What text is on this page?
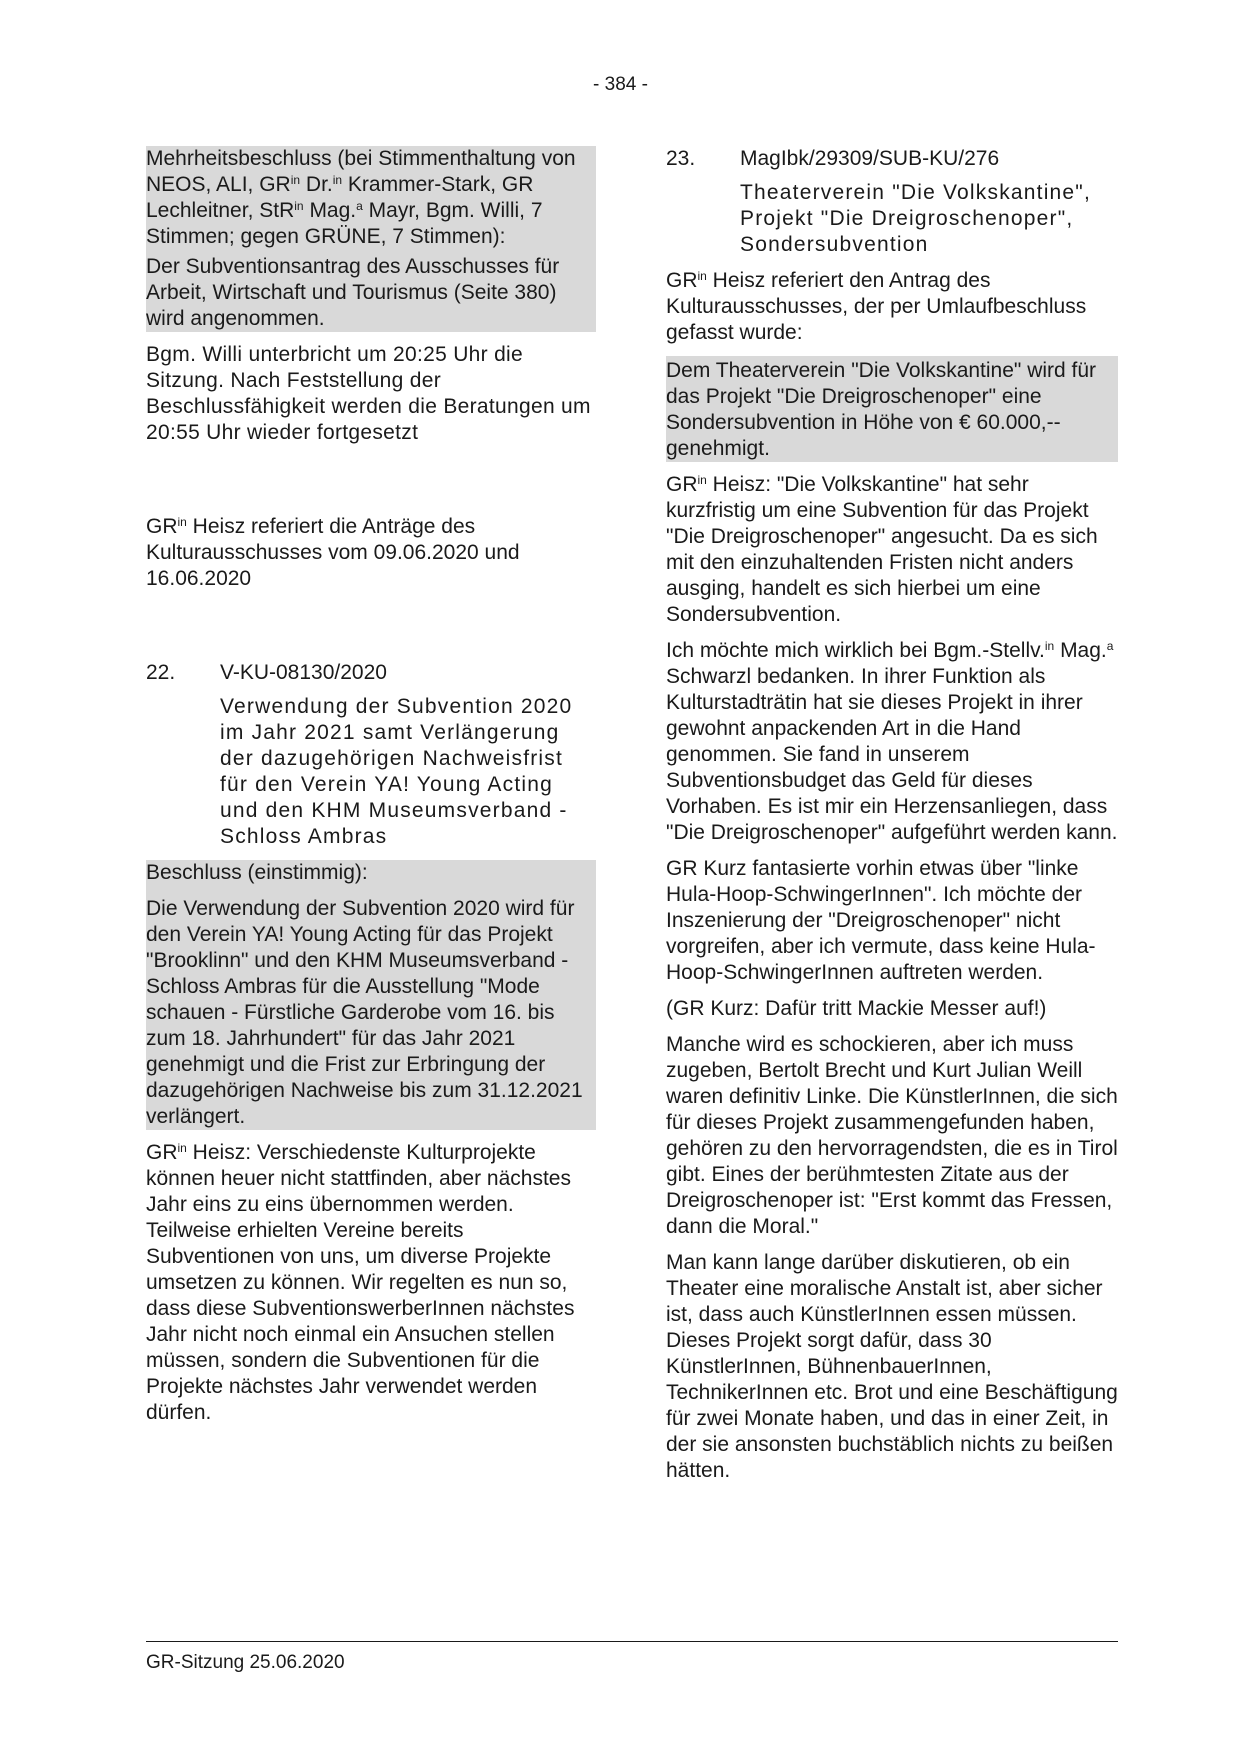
- 384 -

Mehrheitsbeschluss (bei Stimmenthaltung von NEOS, ALI, $GR^{in}$ Dr.$^{in}$ Krammer-Stark, GR Lechleitner, StR$^{in}$ Mag.$^a$ Mayr, Bgm. Willi, 7 Stimmen; gegen GRÜNE, 7 Stimmen):

Der Subventionsantrag des Ausschusses für Arbeit, Wirtschaft und Tourismus (Seite 380) wird angenommen.

Bgm. Willi unterbricht um 20:25 Uhr die Sitzung. Nach Feststellung der Beschlussfähigkeit werden die Beratungen um 20:55 Uhr wieder fortgesetzt

$GR^{in}$ Heisz referiert die Anträge des Kulturausschusses vom 09.06.2020 und 16.06.2020

22.	V-KU-08130/2020

Verwendung der Subvention 2020 im Jahr 2021 samt Verlängerung der dazugehörigen Nachweisfrist für den Verein YA! Young Acting und den KHM Museumsverband - Schloss Ambras

Beschluss (einstimmig):

Die Verwendung der Subvention 2020 wird für den Verein YA! Young Acting für das Projekt "Brooklinn" und den KHM Museumsverband - Schloss Ambras für die Ausstellung "Mode schauen - Fürstliche Garderobe vom 16. bis zum 18. Jahrhundert" für das Jahr 2021 genehmigt und die Frist zur Erbringung der dazugehörigen Nachweise bis zum 31.12.2021 verlängert.

$GR^{in}$ Heisz: Verschiedenste Kulturprojekte können heuer nicht stattfinden, aber nächstes Jahr eins zu eins übernommen werden. Teilweise erhielten Vereine bereits Subventionen von uns, um diverse Projekte umsetzen zu können. Wir regelten es nun so, dass diese SubventionswerberInnen nächstes Jahr nicht noch einmal ein Ansuchen stellen müssen, sondern die Subventionen für die Projekte nächstes Jahr verwendet werden dürfen.

23.	MagIbk/29309/SUB-KU/276

Theaterverein "Die Volkskantine", Projekt "Die Dreigroschenoper", Sondersubvention

$GR^{in}$ Heisz referiert den Antrag des Kulturausschusses, der per Umlaufbeschluss gefasst wurde:

Dem Theaterverein "Die Volkskantine" wird für das Projekt "Die Dreigroschenoper" eine Sondersubvention in Höhe von € 60.000,-- genehmigt.

$GR^{in}$ Heisz: "Die Volkskantine" hat sehr kurzfristig um eine Subvention für das Projekt "Die Dreigroschenoper" angesucht. Da es sich mit den einzuhaltenden Fristen nicht anders ausging, handelt es sich hierbei um eine Sondersubvention.

Ich möchte mich wirklich bei Bgm.-Stellv.$^{in}$ Mag.$^a$ Schwarzl bedanken. In ihrer Funktion als Kulturstadträtin hat sie dieses Projekt in ihrer gewohnt anpackenden Art in die Hand genommen. Sie fand in unserem Subventionsbudget das Geld für dieses Vorhaben. Es ist mir ein Herzensanliegen, dass "Die Dreigroschenoper" aufgeführt werden kann.

GR Kurz fantasierte vorhin etwas über "linke Hula-Hoop-SchwingerInnen". Ich möchte der Inszenierung der "Dreigroschenoper" nicht vorgreifen, aber ich vermute, dass keine Hula-Hoop-SchwingerInnen auftreten werden.

(GR Kurz: Dafür tritt Mackie Messer auf!)

Manche wird es schockieren, aber ich muss zugeben, Bertolt Brecht und Kurt Julian Weill waren definitiv Linke. Die KünstlerInnen, die sich für dieses Projekt zusammengefunden haben, gehören zu den hervorragendsten, die es in Tirol gibt. Eines der berühmtesten Zitate aus der Dreigroschenoper ist: "Erst kommt das Fressen, dann die Moral."

Man kann lange darüber diskutieren, ob ein Theater eine moralische Anstalt ist, aber sicher ist, dass auch KünstlerInnen essen müssen. Dieses Projekt sorgt dafür, dass 30 KünstlerInnen, BühnenbauerInnen, TechnikerInnen etc. Brot und eine Beschäftigung für zwei Monate haben, und das in einer Zeit, in der sie ansonsten buchstäblich nichts zu beißen hätten.

GR-Sitzung 25.06.2020
